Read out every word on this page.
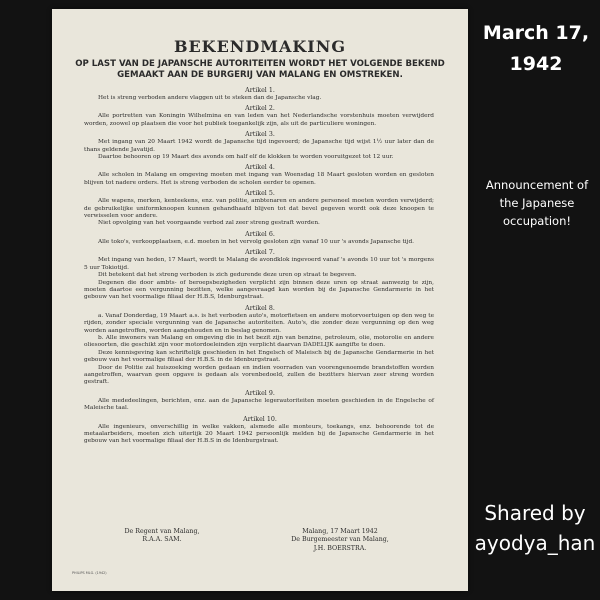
BEKENDMAKING
OP LAST VAN DE JAPANSCHE AUTORITEITEN WORDT HET VOLGENDE BEKEND GEMAAKT AAN DE BURGERIJ VAN MALANG EN OMSTREKEN.
Artikel 1.
Het is streng verboden andere vlaggen uit te steken dan de Japansche vlag.
Artikel 2.
Alle portretten van Koningin Wilhelmina en van leden van het Nederlandsche vorstenhuis moeten verwijderd worden, zoowel op plaatsen die voor het publiek toegankelijk zijn, als uit de particuliere woningen.
Artikel 3.
Met ingang van 20 Maart 1942 wordt de Japansche tijd ingevoerd; de Japansche tijd wijst 1½ uur later dan de thans geldende Javatijd.
Daartoe behooren op 19 Maart des avonds om half elf de klokken te worden vooruitgezet tot 12 uur.
Artikel 4.
Alle scholen in Malang en omgeving moeten met ingang van Woensdag 18 Maart gesloten worden en gesloten blijven tot nadere orders. Het is streng verboden de scholen eerder te openen.
Artikel 5.
Alle wapens, merken, kenteekens, enz. van politie, ambtenaren en andere personeel moeten worden verwijderd; de gebruikelijke uniformknoopen kunnen gehandhaafd blijven tot dat bevel gegeven wordt ook deze knoopen te verwisselen voor andere.
Niet opvolging van het voorgaande verbod zal zeer streng gestraft worden.
Artikel 6.
Alle toko's, verkoopplaatsen, e.d. moeten in het vervolg gesloten zijn vanaf 10 uur 's avonds Japansche tijd.
Artikel 7.
Met ingang van heden, 17 Maart, wordt te Malang de avondklok ingevoerd vanaf 's avonds 10 uur tot 's morgens 5 uur Tokiotijd.
Dit betekent dat het streng verboden is zich gedurende deze uren op straat te begeven.
Degenen die door ambts- of beroepsbezigheden verplicht zijn binnen deze uren op straat aanwezig te zijn, moeten daartoe een vergunning bezitten, welke aangevraagd kan worden bij de Japansche Gendarmerie in het gebouw van het voormalige filiaal der H.B.S, Idenburgstraat.
Artikel 8.
a. Vanaf Donderdag, 19 Maart a.s. is het verboden auto's, motorfietsen en andere motorvoertuigen op den weg te rijden, zonder speciale vergunning van de Japansche autoriteiten. Auto's, die zonder deze vergunning op den weg worden aangetroffen, worden aangehouden en in beslag genomen.
b. Alle inwoners van Malang en omgeving die in het bezit zijn van benzine, petroleum, olie, motorolie en andere oliesoorten, die geschikt zijn voor motordoeleinden zijn verplicht daarvan DADELIJK aangifte te doen.
Deze kennisgeving kan schriftelijk geschieden in het Engelsch of Maleisch bij de Japansche Gendarmerie in het gebouw van het voormalige filiaal der H.B.S. in de Idenburgstraat.
Door de Politie zal huiszoeking worden gedaan en indien voorraden van voorengenoemde brandstoffen worden aangetroffen, waarvan geen opgave is gedaan als vorenbedoeld, zullen de bezitters hiervan zeer streng worden gestraft.
Artikel 9.
Alle mededeelingen, berichten, enz. aan de Japansche legerautoriteiten moeten geschieden in de Engelsche of Maleische taal.
Artikel 10.
Alle ingenieurs, onverschillig in welke vakken, alsmede alle monteurs, toekangs, enz. behoorende tot de metaalarbeiders, moeten zich uiterlijk 20 Maart 1942 persoonlijk melden bij de Japansche Gendarmerie in het gebouw van het voormalige filiaal der H.B.S in de Idenburgstraat.
De Regent van Malang,
R.A.A. SAM.
Malang, 17 Maart 1942
De Burgemeester van Malang,
J.H. BOERSTRA.
PHILIPS MLG. (1942)
March 17, 1942
Announcement of the Japanese occupation!
Shared by ayodya_han
